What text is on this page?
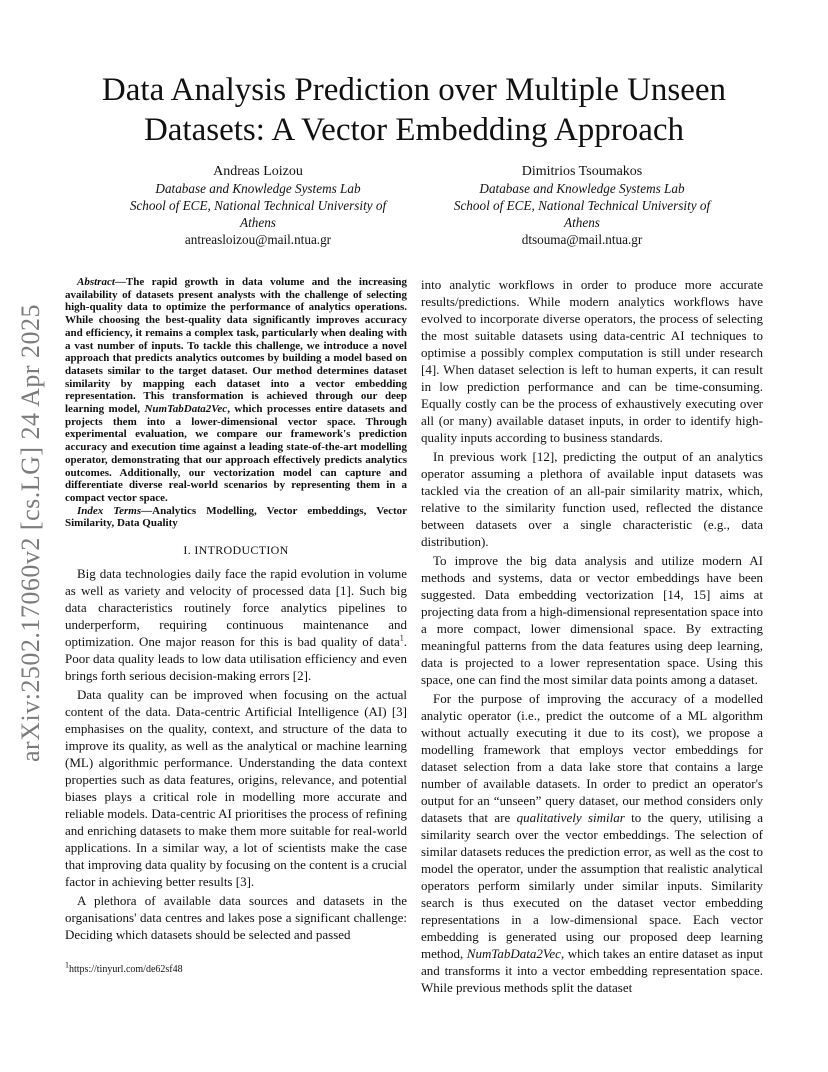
Data Analysis Prediction over Multiple Unseen Datasets: A Vector Embedding Approach
Andreas Loizou
Database and Knowledge Systems Lab
School of ECE, National Technical University of Athens
antreasloizou@mail.ntua.gr
Dimitrios Tsoumakos
Database and Knowledge Systems Lab
School of ECE, National Technical University of Athens
dtsouma@mail.ntua.gr
arXiv:2502.17060v2 [cs.LG] 24 Apr 2025

Abstract—The rapid growth in data volume and the increasing availability of datasets present analysts with the challenge of selecting high-quality data to optimize the performance of analytics operations. While choosing the best-quality data significantly improves accuracy and efficiency, it remains a complex task, particularly when dealing with a vast number of inputs. To tackle this challenge, we introduce a novel approach that predicts analytics outcomes by building a model based on datasets similar to the target dataset. Our method determines dataset similarity by mapping each dataset into a vector embedding representation. This transformation is achieved through our deep learning model, NumTabData2Vec, which processes entire datasets and projects them into a lower-dimensional vector space. Through experimental evaluation, we compare our framework's prediction accuracy and execution time against a leading state-of-the-art modelling operator, demonstrating that our approach effectively predicts analytics outcomes. Additionally, our vectorization model can capture and differentiate diverse real-world scenarios by representing them in a compact vector space.

Index Terms—Analytics Modelling, Vector embeddings, Vector Similarity, Data Quality

I. INTRODUCTION

Big data technologies daily face the rapid evolution in volume as well as variety and velocity of processed data [1]. Such big data characteristics routinely force analytics pipelines to underperform, requiring continuous maintenance and optimization. One major reason for this is bad quality of data$^1$. Poor data quality leads to low data utilisation efficiency and even brings forth serious decision-making errors [2].

Data quality can be improved when focusing on the actual content of the data. Data-centric Artificial Intelligence (AI) [3] emphasises on the quality, context, and structure of the data to improve its quality, as well as the analytical or machine learning (ML) algorithmic performance. Understanding the data context properties such as data features, origins, relevance, and potential biases plays a critical role in modelling more accurate and reliable models. Data-centric AI prioritises the process of refining and enriching datasets to make them more suitable for real-world applications. In a similar way, a lot of scientists make the case that improving data quality by focusing on the content is a crucial factor in achieving better results [3].

A plethora of available data sources and datasets in the organisations' data centres and lakes pose a significant challenge: Deciding which datasets should be selected and passed

$^1$https://tinyurl.com/de62sf48

into analytic workflows in order to produce more accurate results/predictions. While modern analytics workflows have evolved to incorporate diverse operators, the process of selecting the most suitable datasets using data-centric AI techniques to optimise a possibly complex computation is still under research [4]. When dataset selection is left to human experts, it can result in low prediction performance and can be time-consuming. Equally costly can be the process of exhaustively executing over all (or many) available dataset inputs, in order to identify high-quality inputs according to business standards.

In previous work [12], predicting the output of an analytics operator assuming a plethora of available input datasets was tackled via the creation of an all-pair similarity matrix, which, relative to the similarity function used, reflected the distance between datasets over a single characteristic (e.g., data distribution).

To improve the big data analysis and utilize modern AI methods and systems, data or vector embeddings have been suggested. Data embedding vectorization [14, 15] aims at projecting data from a high-dimensional representation space into a more compact, lower dimensional space. By extracting meaningful patterns from the data features using deep learning, data is projected to a lower representation space. Using this space, one can find the most similar data points among a dataset.

For the purpose of improving the accuracy of a modelled analytic operator (i.e., predict the outcome of a ML algorithm without actually executing it due to its cost), we propose a modelling framework that employs vector embeddings for dataset selection from a data lake store that contains a large number of available datasets. In order to predict an operator's output for an “unseen” query dataset, our method considers only datasets that are qualitatively similar to the query, utilising a similarity search over the vector embeddings. The selection of similar datasets reduces the prediction error, as well as the cost to model the operator, under the assumption that realistic analytical operators perform similarly under similar inputs. Similarity search is thus executed on the dataset vector embedding representations in a low-dimensional space. Each vector embedding is generated using our proposed deep learning method, NumTabData2Vec, which takes an entire dataset as input and transforms it into a vector embedding representation space. While previous methods split the dataset
